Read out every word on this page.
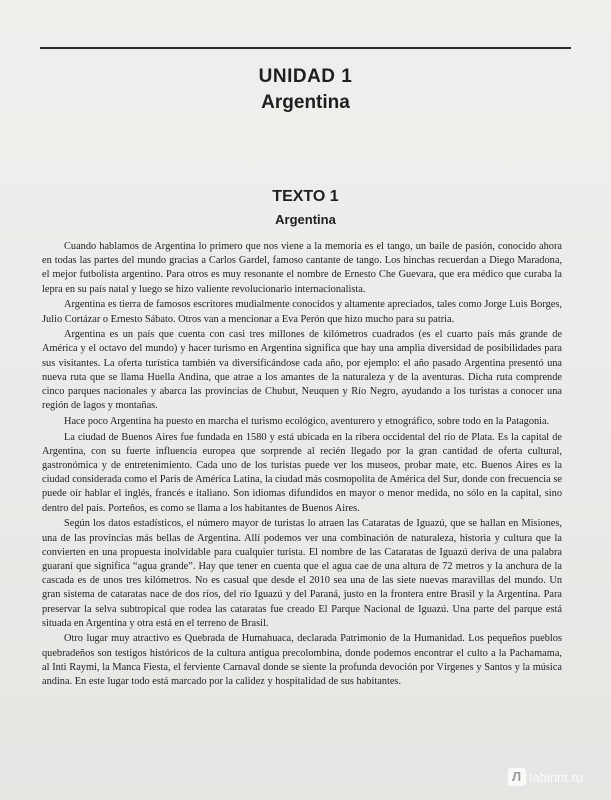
UNIDAD 1
Argentina
TEXTO 1
Argentina

Cuando hablamos de Argentina lo primero que nos viene a la memoria es el tango, un baile de pasión, conocido ahora en todas las partes del mundo gracias a Carlos Gardel, famoso cantante de tango. Los hinchas recuerdan a Diego Maradona, el mejor futbolista argentino. Para otros es muy resonante el nombre de Ernesto Che Guevara, que era médico que curaba la lepra en su país natal y luego se hizo valiente revolucionario internacionalista.

Argentina es tierra de famosos escritores mudialmente conocidos y altamente apreciados, tales como Jorge Luis Borges, Julio Cortázar o Ernesto Sábato. Otros van a mencionar a Eva Perón que hizo mucho para su patria.

Argentina es un país que cuenta con casi tres millones de kilómetros cuadrados (es el cuarto país más grande de América y el octavo del mundo) y hacer turismo en Argentina significa que hay una amplia diversidad de posibilidades para sus visitantes. La oferta turística también va diversificándose cada año, por ejemplo: el año pasado Argentina presentó una nueva ruta que se llama Huella Andina, que atrae a los amantes de la naturaleza y de la aventuras. Dicha ruta comprende cinco parques nacionales y abarca las provincias de Chubut, Neuquen y Río Negro, ayudando a los turistas a conocer una región de lagos y montañas.

Hace poco Argentina ha puesto en marcha el turismo ecológico, aventurero y etnográfico, sobre todo en la Patagonia.

La ciudad de Buenos Aires fue fundada en 1580 y está ubicada en la ribera occidental del río de Plata. Es la capital de Argentina, con su fuerte influencia europea que sorprende al recién llegado por la gran cantidad de oferta cultural, gastronómica y de entretenimiento. Cada uno de los turistas puede ver los museos, probar mate, etc. Buenos Aires es la ciudad considerada como el París de América Latina, la ciudad más cosmopolita de América del Sur, donde con frecuencia se puede oír hablar el inglés, francés e italiano. Son idiomas difundidos en mayor o menor medida, no sólo en la capital, sino dentro del país. Porteños, es como se llama a los habitantes de Buenos Aires.

Según los datos estadísticos, el número mayor de turistas lo atraen las Cataratas de Iguazú, que se hallan en Misiones, una de las provincias más bellas de Argentina. Allí podemos ver una combinación de naturaleza, historia y cultura que la convierten en una propuesta inolvidable para cualquier turista. El nombre de las Cataratas de Iguazú deriva de una palabra guaraní que significa “agua grande”. Hay que tener en cuenta que el agua cae de una altura de 72 metros y la anchura de la cascada es de unos tres kilómetros. No es casual que desde el 2010 sea una de las siete nuevas maravillas del mundo. Un gran sistema de cataratas nace de dos ríos, del río Iguazú y del Paraná, justo en la frontera entre Brasil y la Argentina. Para preservar la selva subtropical que rodea las cataratas fue creado El Parque Nacional de Iguazú. Una parte del parque está situada en Argentina y otra está en el terreno de Brasil.

Otro lugar muy atractivo es Quebrada de Humahuaca, declarada Patrimonio de la Humanidad. Los pequeños pueblos quebradeños son testigos históricos de la cultura antigua precolombina, donde podemos encontrar el culto a la Pachamama, al Inti Raymi, la Manca Fiesta, el ferviente Carnaval donde se siente la profunda devoción por Vírgenes y Santos y la música andina. En este lugar todo está marcado por la calidez y hospitalidad de sus habitantes.

Л labirint.ru
